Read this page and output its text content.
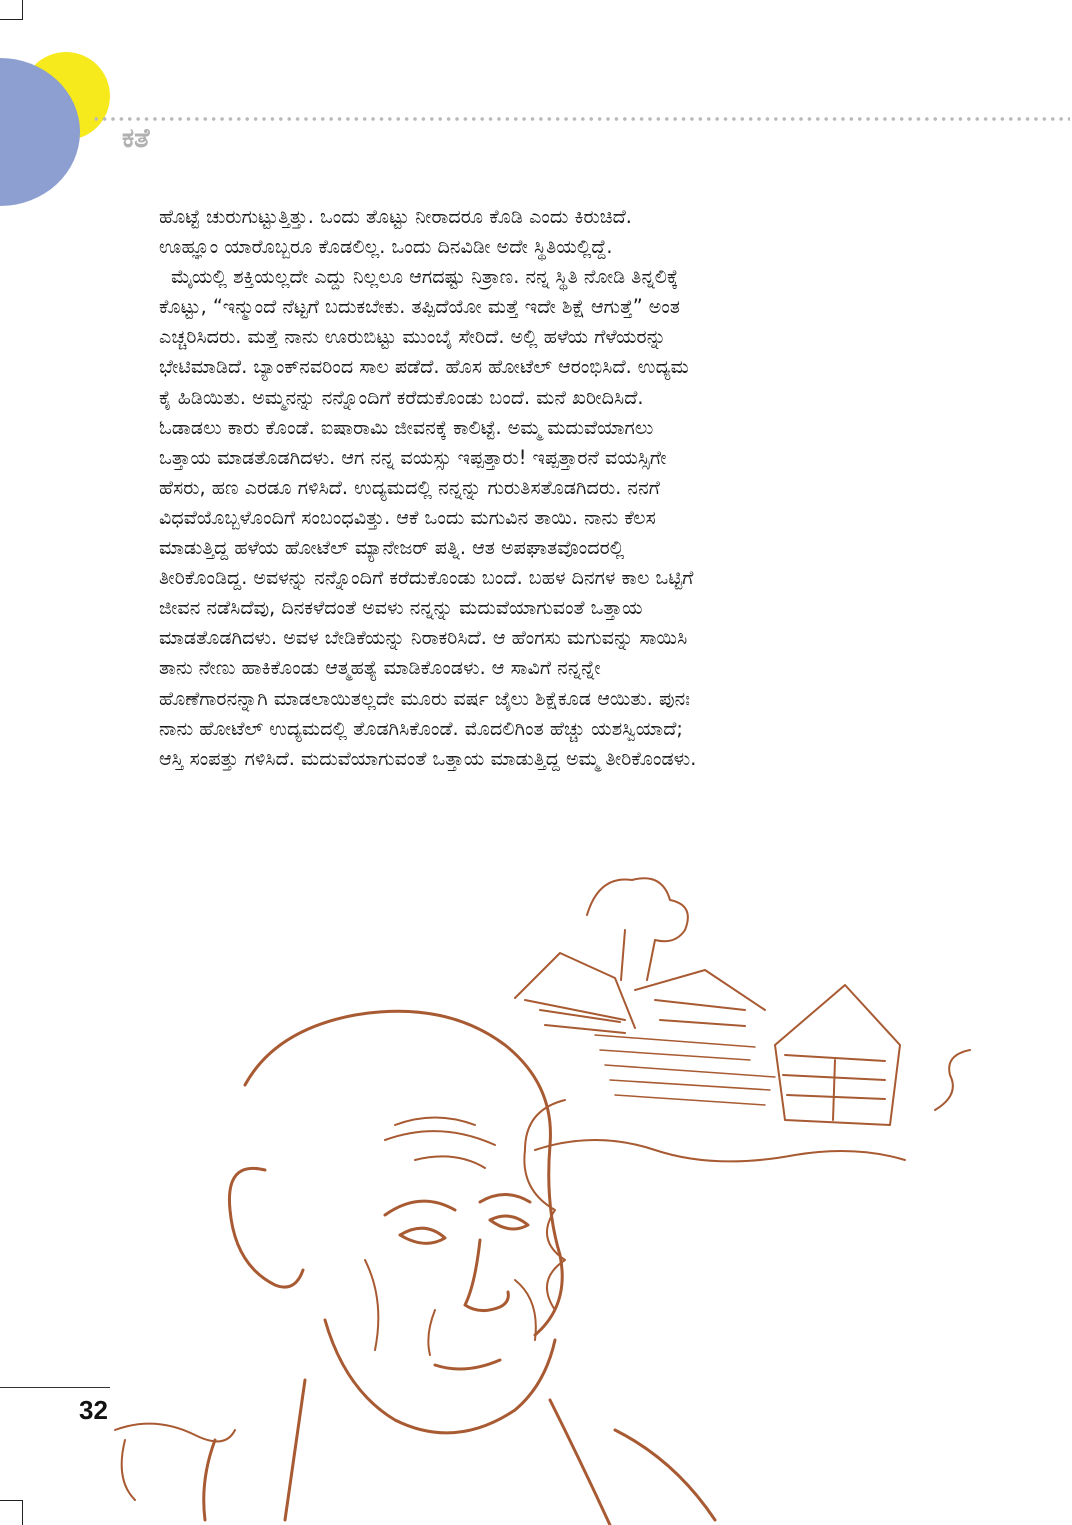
ಕತೆ
ಹೊಟ್ಟೆ ಚುರುಗುಟ್ಟುತ್ತಿತ್ತು. ಒಂದು ತೊಟ್ಟು ನೀರಾದರೂ ಕೊಡಿ ಎಂದು ಕಿರುಚಿದೆ.
ಊಹ್ಞೂಂ ಯಾರೊಬ್ಬರೂ ಕೊಡಲಿಲ್ಲ. ಒಂದು ದಿನವಿಡೀ ಅದೇ ಸ್ಥಿತಿಯಲ್ಲಿದ್ದೆ.
ಮೈಯಲ್ಲಿ ಶಕ್ತಿಯಲ್ಲದೇ ಎದ್ದು ನಿಲ್ಲಲೂ ಆಗದಷ್ಟು ನಿತ್ರಾಣ. ನನ್ನ ಸ್ಥಿತಿ ನೋಡಿ ತಿನ್ನಲಿಕ್ಕೆ
ಕೊಟ್ಟು, “ಇನ್ಮುಂದೆ ನೆಟ್ಟಗೆ ಬದುಕಬೇಕು. ತಪ್ಪಿದೆಯೋ ಮತ್ತೆ ಇದೇ ಶಿಕ್ಷೆ ಆಗುತ್ತೆ” ಅಂತ
ಎಚ್ಚರಿಸಿದರು. ಮತ್ತೆ ನಾನು ಊರುಬಿಟ್ಟು ಮುಂಬೈ ಸೇರಿದೆ. ಅಲ್ಲಿ ಹಳೆಯ ಗೆಳೆಯರನ್ನು
ಭೇಟಿಮಾಡಿದೆ. ಬ್ಯಾಂಕ್‌ನವರಿಂದ ಸಾಲ ಪಡೆದೆ. ಹೊಸ ಹೋಟೆಲ್ ಆರಂಭಿಸಿದೆ. ಉದ್ಯಮ
ಕೈ ಹಿಡಿಯಿತು. ಅಮ್ಮನನ್ನು ನನ್ನೊಂದಿಗೆ ಕರೆದುಕೊಂಡು ಬಂದೆ. ಮನೆ ಖರೀದಿಸಿದೆ.
ಓಡಾಡಲು ಕಾರು ಕೊಂಡೆ. ಐಷಾರಾಮಿ ಜೀವನಕ್ಕೆ ಕಾಲಿಟ್ಟೆ. ಅಮ್ಮ ಮದುವೆಯಾಗಲು
ಒತ್ತಾಯ ಮಾಡತೊಡಗಿದಳು. ಆಗ ನನ್ನ ವಯಸ್ಸು ಇಪ್ಪತ್ತಾರು! ಇಪ್ಪತ್ತಾರನೆ ವಯಸ್ಸಿಗೇ
ಹೆಸರು, ಹಣ ಎರಡೂ ಗಳಿಸಿದೆ. ಉದ್ಯಮದಲ್ಲಿ ನನ್ನನ್ನು ಗುರುತಿಸತೊಡಗಿದರು. ನನಗೆ
ವಿಧವೆಯೊಬ್ಬಳೊಂದಿಗೆ ಸಂಬಂಧವಿತ್ತು. ಆಕೆ ಒಂದು ಮಗುವಿನ ತಾಯಿ. ನಾನು ಕೆಲಸ
ಮಾಡುತ್ತಿದ್ದ ಹಳೆಯ ಹೋಟೆಲ್ ಮ್ಯಾನೇಜರ್ ಪತ್ನಿ. ಆತ ಅಪಘಾತವೊಂದರಲ್ಲಿ
ತೀರಿಕೊಂಡಿದ್ದ. ಅವಳನ್ನು ನನ್ನೊಂದಿಗೆ ಕರೆದುಕೊಂಡು ಬಂದೆ. ಬಹಳ ದಿನಗಳ ಕಾಲ ಒಟ್ಟಿಗೆ
ಜೀವನ ನಡೆಸಿದೆವು, ದಿನಕಳೆದಂತೆ ಅವಳು ನನ್ನನ್ನು ಮದುವೆಯಾಗುವಂತೆ ಒತ್ತಾಯ
ಮಾಡತೊಡಗಿದಳು. ಅವಳ ಬೇಡಿಕೆಯನ್ನು ನಿರಾಕರಿಸಿದೆ. ಆ ಹೆಂಗಸು ಮಗುವನ್ನು ಸಾಯಿಸಿ
ತಾನು ನೇಣು ಹಾಕಿಕೊಂಡು ಆತ್ಮಹತ್ಯೆ ಮಾಡಿಕೊಂಡಳು. ಆ ಸಾವಿಗೆ ನನ್ನನ್ನೇ
ಹೊಣೆಗಾರನನ್ನಾಗಿ ಮಾಡಲಾಯಿತಲ್ಲದೇ ಮೂರು ವರ್ಷ ಜೈಲು ಶಿಕ್ಷೆಕೂಡ ಆಯಿತು. ಪುನಃ
ನಾನು ಹೋಟೆಲ್ ಉದ್ಯಮದಲ್ಲಿ ತೊಡಗಿಸಿಕೊಂಡೆ. ಮೊದಲಿಗಿಂತ ಹೆಚ್ಚು ಯಶಸ್ವಿಯಾದೆ;
ಆಸ್ತಿ ಸಂಪತ್ತು ಗಳಿಸಿದೆ. ಮದುವೆಯಾಗುವಂತೆ ಒತ್ತಾಯ ಮಾಡುತ್ತಿದ್ದ ಅಮ್ಮ ತೀರಿಕೊಂಡಳು.
32
